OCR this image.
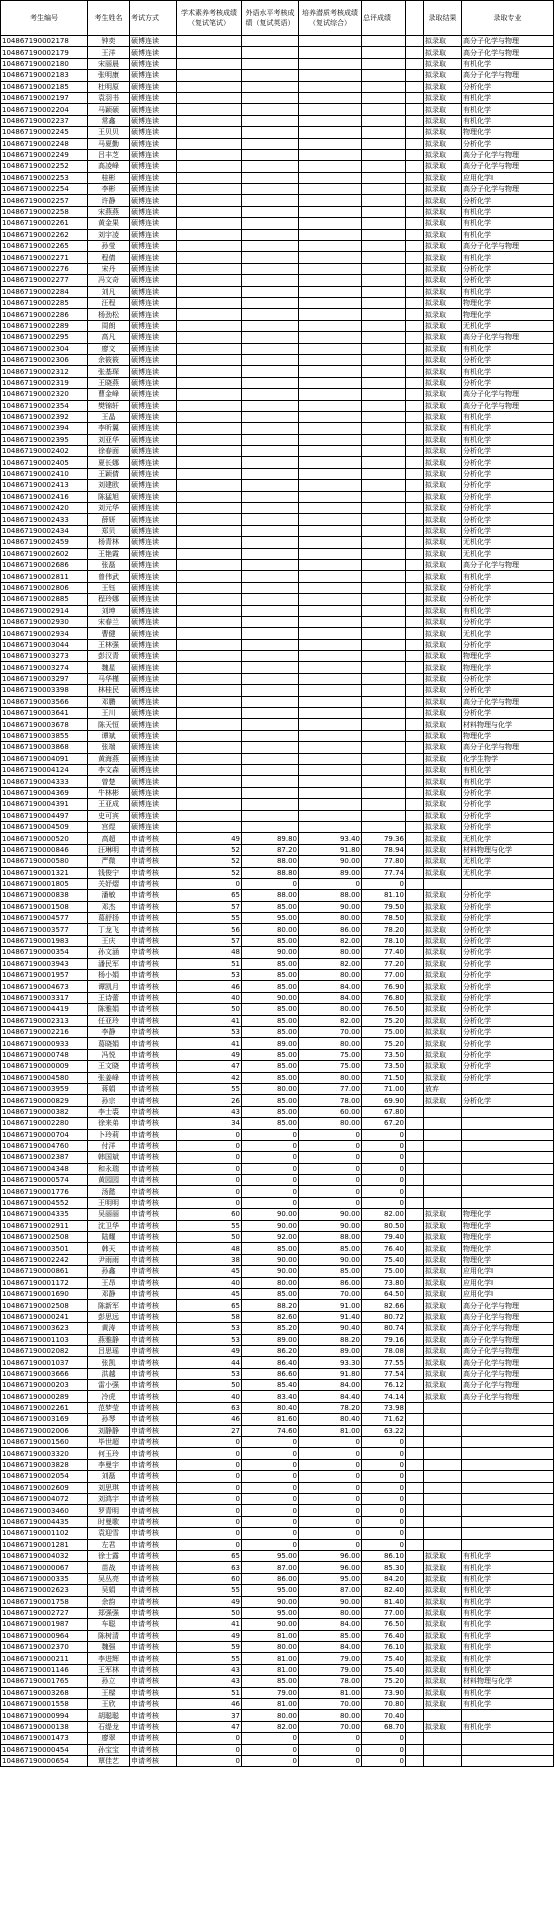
考生编号	考生姓名	考试方式	学术素养考核成绩（复试笔试）	外语水平考核成绩（复试英语）	培养潜质考核成绩（复试综合）	总评成绩		录取结果	录取专业
104867190002178	钟奕	硕博连读						拟录取	高分子化学与物理
104867190002179	王洋	硕博连读						拟录取	高分子化学与物理
104867190002180	宋丽晨	硕博连读						拟录取	有机化学
104867190002183	张明康	硕博连读						拟录取	高分子化学与物理
104867190002185	杜明原	硕博连读						拟录取	分析化学
104867190002197	袁羽书	硕博连读						拟录取	有机化学
104867190002204	马颖硕	硕博连读						拟录取	有机化学
104867190002237	常鑫	硕博连读						拟录取	有机化学
104867190002245	王贝贝	硕博连读						拟录取	物理化学
104867190002248	马夏勤	硕博连读						拟录取	分析化学
104867190002249	吕丰芝	硕博连读						拟录取	高分子化学与物理
104867190002252	高凌峰	硕博连读						拟录取	高分子化学与物理
104867190002253	桂彬	硕博连读						拟录取	应用化学Ⅰ
104867190002254	李彬	硕博连读						拟录取	高分子化学与物理
104867190002257	许静	硕博连读						拟录取	分析化学
104867190002258	宋燕燕	硕博连读						拟录取	有机化学
104867190002261	黄金果	硕博连读						拟录取	有机化学
104867190002262	刘宇凌	硕博连读						拟录取	有机化学
104867190002265	孙莹	硕博连读						拟录取	高分子化学与物理
104867190002271	程倩	硕博连读						拟录取	有机化学
104867190002276	宋丹	硕博连读						拟录取	分析化学
104867190002277	冯文奇	硕博连读						拟录取	分析化学
104867190002284	刘凡	硕博连读						拟录取	有机化学
104867190002285	汪程	硕博连读						拟录取	物理化学
104867190002286	杨劲松	硕博连读						拟录取	物理化学
104867190002289	周朗	硕博连读						拟录取	无机化学
104867190002295	高凡	硕博连读						拟录取	高分子化学与物理
104867190002304	廖文	硕博连读						拟录取	有机化学
104867190002306	余筱筱	硕博连读						拟录取	分析化学
104867190002312	张基琛	硕博连读						拟录取	有机化学
104867190002319	王晓燕	硕博连读						拟录取	分析化学
104867190002320	曹金峰	硕博连读						拟录取	高分子化学与物理
104867190002354	樊锦轩	硕博连读						拟录取	高分子化学与物理
104867190002392	王晶	硕博连读						拟录取	有机化学
104867190002394	李昕翼	硕博连读						拟录取	有机化学
104867190002395	刘亚华	硕博连读						拟录取	有机化学
104867190002402	徐春面	硕博连读						拟录取	分析化学
104867190002405	夏长娜	硕博连读						拟录取	分析化学
104867190002410	王颖倩	硕博连读						拟录取	分析化学
104867190002413	刘建欧	硕博连读						拟录取	分析化学
104867190002416	陈猛旭	硕博连读						拟录取	分析化学
104867190002420	刘元华	硕博连读						拟录取	分析化学
104867190002433	薛妍	硕博连读						拟录取	分析化学
104867190002434	郑贝	硕博连读						拟录取	分析化学
104867190002459	杨青林	硕博连读						拟录取	无机化学
104867190002602	王艳霞	硕博连读						拟录取	无机化学
104867190002686	张磊	硕博连读						拟录取	高分子化学与物理
104867190002811	曾伟武	硕博连读						拟录取	有机化学
104867190002806	王钰	硕博连读						拟录取	分析化学
104867190002885	程玲娜	硕博连读						拟录取	分析化学
104867190002914	刘坤	硕博连读						拟录取	有机化学
104867190002930	宋春兰	硕博连读						拟录取	分析化学
104867190002934	曹健	硕博连读						拟录取	无机化学
104867190003044	王林强	硕博连读						拟录取	分析化学
104867190003273	彭汉青	硕博连读						拟录取	物理化学
104867190003274	魏星	硕博连读						拟录取	物理化学
104867190003297	马华槿	硕博连读						拟录取	分析化学
104867190003398	林桂民	硕博连读						拟录取	分析化学
104867190003566	邓鹏	硕博连读						拟录取	高分子化学与物理
104867190003641	王川	硕博连读						拟录取	分析化学
104867190003678	陈天恒	硕博连读						拟录取	材料物理与化学
104867190003855	谭斌	硕博连读						拟录取	物理化学
104867190003868	张端	硕博连读						拟录取	高分子化学与物理
104867190004091	黄海燕	硕博连读						拟录取	化学生物学
104867190004124	李文森	硕博连读						拟录取	有机化学
104867190004333	曾楚	硕博连读						拟录取	有机化学
104867190004369	牛林彬	硕博连读						拟录取	分析化学
104867190004391	王亚成	硕博连读						拟录取	分析化学
104867190004497	史可宾	硕博连读						拟录取	分析化学
104867190004509	宫煜	硕博连读						拟录取	分析化学
104867190000520	高超	申请考核	49	89.80	93.40	79.36		拟录取	无机化学
104867190000846	汪琳明	申请考核	52	87.20	91.80	78.94		拟录取	材料物理与化学
104867190000580	严微	申请考核	52	88.00	90.00	77.80		拟录取	无机化学
104867190001321	钱俊宁	申请考核	52	88.80	89.00	77.74		拟录取	无机化学
104867190001805	关妤熠	申请考核	0	0	0	0			
104867190000838	潘敏	申请考核	65	88.00	88.00	81.10		拟录取	分析化学
104867190001508	邓杰	申请考核	57	85.00	90.00	79.50		拟录取	分析化学
104867190004577	葛舒扬	申请考核	55	95.00	80.00	78.50		拟录取	分析化学
104867190003577	丁龙飞	申请考核	56	80.00	86.00	78.20		拟录取	分析化学
104867190001983	王庆	申请考核	57	85.00	82.00	78.10		拟录取	分析化学
104867190000354	孙文涵	申请考核	48	90.00	80.00	77.40		拟录取	分析化学
104867190003943	潘民军	申请考核	51	85.00	82.00	77.20		拟录取	分析化学
104867190001957	杨小娟	申请考核	53	85.00	80.00	77.00		拟录取	分析化学
104867190004673	谭凯月	申请考核	46	85.00	84.00	76.90		拟录取	分析化学
104867190003317	王诗蕾	申请考核	40	90.00	84.00	76.80		拟录取	分析化学
104867190004419	陈雅娟	申请考核	50	85.00	80.00	76.50		拟录取	分析化学
104867190002313	任亚玲	申请考核	41	85.00	82.00	75.20		拟录取	分析化学
104867190002216	李静	申请考核	53	85.00	70.00	75.00		拟录取	分析化学
104867190000933	葛晓娟	申请考核	41	89.00	80.00	75.20		拟录取	分析化学
104867190000748	冯悦	申请考核	49	85.00	75.00	73.50		拟录取	分析化学
104867190000009	王文晓	申请考核	47	85.00	75.00	73.50		拟录取	分析化学
104867190004580	张姜峰	申请考核	42	85.00	80.00	71.50		拟录取	分析化学
104867190003959	蒋娟	申请考核	55	80.00	77.00	71.00		放弃	
104867190000829	孙宗	申请考核	26	85.00	78.00	69.90		拟录取	分析化学
104867190000382	李士裘	申请考核	43	85.00	60.00	67.80			
104867190002280	徐来弟	申请考核	34	85.00	80.00	67.20			
104867190000704	卜玲莉	申请考核	0	0	0	0			
104867190004760	付洋	申请考核	0	0	0	0			
104867190002387	韩国斌	申请考核	0	0	0	0			
104867190004348	和永瑞	申请考核	0	0	0	0			
104867190000574	黄园园	申请考核	0	0	0	0			
104867190001776	汤懿	申请考核	0	0	0	0			
104867190004552	王明明	申请考核	0	0	0	0			
104867190004335	吴丽丽	申请考核	60	90.00	90.00	82.00		拟录取	物理化学
104867190002911	沈卫华	申请考核	55	90.00	90.00	80.50		拟录取	物理化学
104867190002508	陆耀	申请考核	50	92.00	88.00	79.40		拟录取	物理化学
104867190003501	韩天	申请考核	48	85.00	85.00	76.40		拟录取	物理化学
104867190002242	尹雨雨	申请考核	38	90.00	90.00	75.40		拟录取	物理化学
104867190000861	孙鑫	申请考核	45	90.00	85.00	75.00		拟录取	应用化学Ⅰ
104867190001172	王昂	申请考核	40	80.00	86.00	73.80		拟录取	应用化学Ⅰ
104867190001690	邓静	申请考核	45	85.00	70.00	64.50		拟录取	应用化学Ⅰ
104867190002508	陈新军	申请考核	65	88.20	91.00	82.66		拟录取	高分子化学与物理
104867190000241	彭思远	申请考核	58	82.60	91.40	80.72		拟录取	高分子化学与物理
104867190003623	黄涛	申请考核	53	85.20	90.40	80.74		拟录取	高分子化学与物理
104867190001103	燕雅静	申请考核	53	89.00	88.20	79.16		拟录取	高分子化学与物理
104867190002082	吕思瑶	申请考核	49	86.20	89.00	78.08		拟录取	高分子化学与物理
104867190001037	张凯	申请考核	44	86.40	93.30	77.55		拟录取	高分子化学与物理
104867190003666	洪越	申请考核	53	86.60	91.80	77.54		拟录取	高分子化学与物理
104867190000203	雷小强	申请考核	50	85.40	84.00	76.12		拟录取	高分子化学与物理
104867190000289	冷虎	申请考核	40	83.40	84.40	74.14		拟录取	高分子化学与物理
104867190002261	范梦莹	申请考核	63	80.40	78.20	73.98			
104867190003169	孙琴	申请考核	46	81.60	80.40	71.62			
104867190002006	刘静静	申请考核	27	74.60	81.00	63.22			
104867190001560	毕世超	申请考核	0	0	0	0			
104867190003320	何玉玲	申请考核	0	0	0	0			
104867190003828	李曼宇	申请考核	0	0	0	0			
104867190002054	刘磊	申请考核	0	0	0	0			
104867190002609	刘思琪	申请考核	0	0	0	0			
104867190004072	刘鸿宇	申请考核	0	0	0	0			
104867190003460	罗青明	申请考核	0	0	0	0			
104867190004435	时曼歌	申请考核	0	0	0	0			
104867190001102	袁迎雪	申请考核	0	0	0	0			
104867190001281	左君	申请考核	0	0	0	0			
104867190004032	徐士露	申请考核	65	95.00	96.00	86.10		拟录取	有机化学
104867190000067	苗战	申请考核	63	87.00	96.00	85.30		拟录取	有机化学
104867190000335	吴丛亮	申请考核	60	86.00	95.00	84.20		拟录取	有机化学
104867190002623	吴娟	申请考核	55	95.00	87.00	82.40		拟录取	有机化学
104867190001758	余韵	申请考核	49	90.00	90.00	81.40		拟录取	有机化学
104867190002727	郑强强	申请考核	50	95.00	80.00	77.00		拟录取	有机化学
104867190001987	车聪	申请考核	41	90.00	84.00	76.50		拟录取	有机化学
104867190000964	陈树清	申请考核	49	81.00	85.00	76.40		拟录取	有机化学
104867190002370	魏强	申请考核	59	80.00	84.00	76.10		拟录取	有机化学
104867190000211	李进辉	申请考核	55	81.00	79.00	75.40		拟录取	有机化学
104867190001146	王军林	申请考核	43	81.00	79.00	75.40		拟录取	有机化学
104867190001765	孙立	申请考核	43	85.00	78.00	75.20		拟录取	材料物理与化学
104867190003268	王樑	申请考核	51	79.00	81.00	73.90		拟录取	有机化学
104867190001558	王欣	申请考核	46	81.00	70.00	70.80		拟录取	有机化学
104867190000994	胡聪聪	申请考核	37	80.00	80.00	70.40			
104867190000138	石缇龙	申请考核	47	82.00	70.00	68.70		拟录取	有机化学
104867190001473	廖翠	申请考核	0	0	0	0			
104867190000454	孙宝宝	申请考核	0	0	0	0			
104867190000654	覃佳艺	申请考核	0	0	0	0			
